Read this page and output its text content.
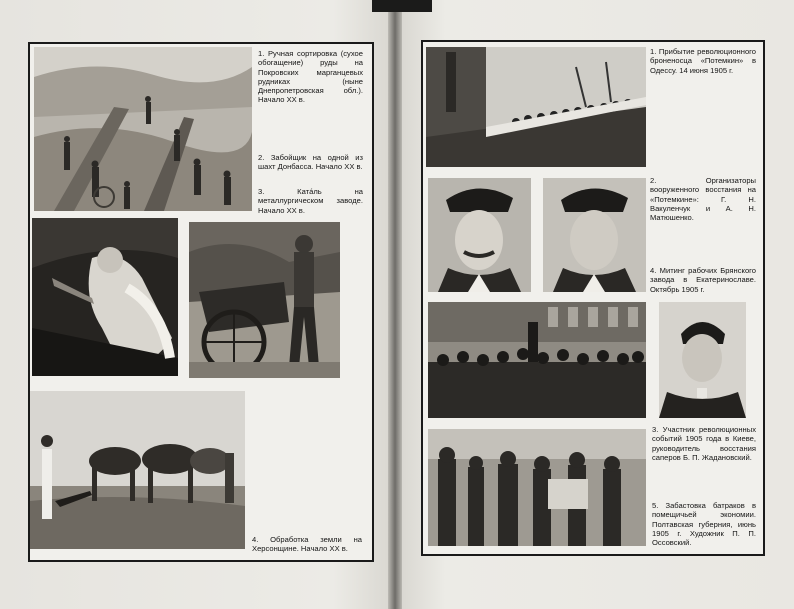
1. Ручная сортировка (сухое обогащение) руды на Покровских марганцевых рудниках (ныне Днепропетровская обл.). Начало XX в.
2. Забойщик на одной из шахт Донбасса. Начало XX в.
3. Катáль на металлургическом заводе. Начало XX в.
4. Обработка земли на Херсонщине. Начало XX в.
1. Прибытие революционного броненосца «Потемкин» в Одессу. 14 июня 1905 г.
2. Организаторы вооруженного восстания на «Потемкине»: Г. Н. Вакуленчук и А. Н. Матюшенко.
4. Митинг рабочих Брянского завода в Екатеринославе. Октябрь 1905 г.
3. Участник революционных событий 1905 года в Киеве, руководитель восстания саперов Б. П. Жадановский.
5. Забастовка батраков в помещичьей экономии. Полтавская губерния, июнь 1905 г. Художник П. П. Оссовский.
